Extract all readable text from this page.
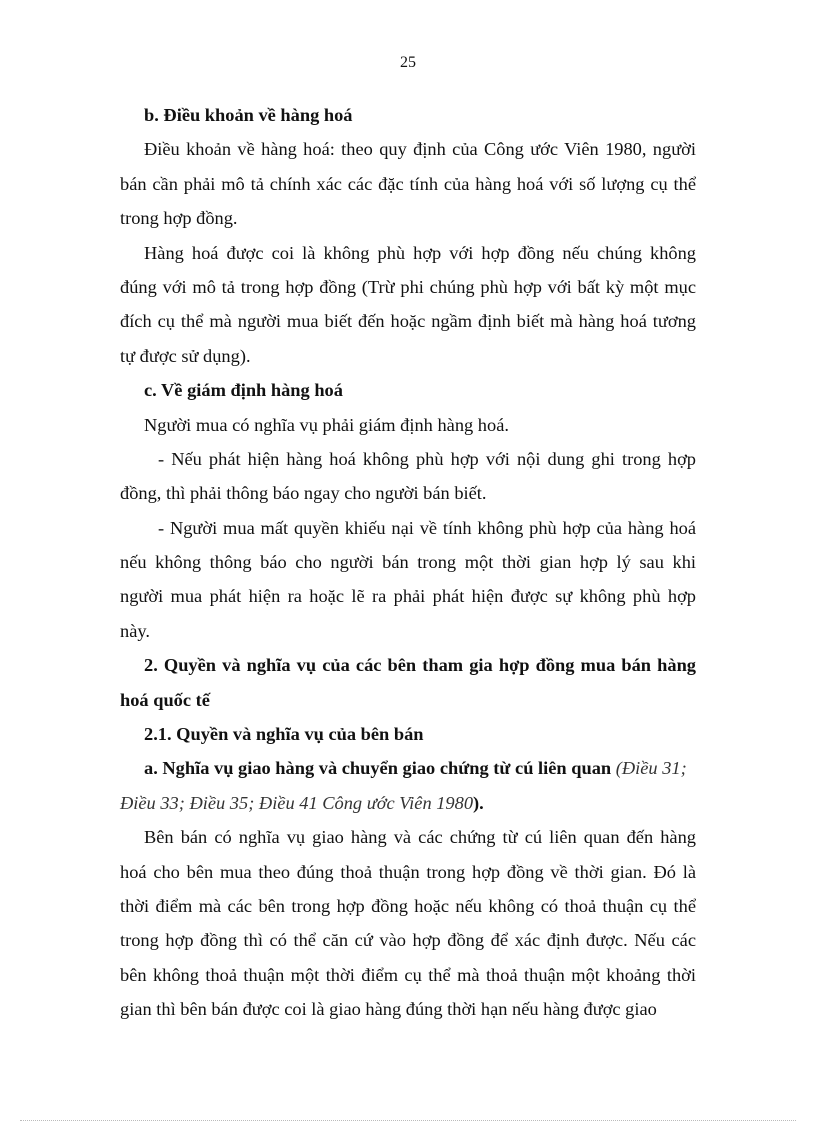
25
b. Điều khoản về hàng hoá
Điều khoản về hàng hoá: theo quy định của Công ước Viên 1980, người
bán cần phải mô tả chính xác các đặc tính của hàng hoá với số lượng cụ thể
trong hợp đồng.
Hàng hoá được coi là không phù hợp với hợp đồng nếu chúng không
đúng với mô tả trong hợp đồng (Trừ phi chúng phù hợp với bất kỳ một mục
đích cụ thể mà người mua biết đến hoặc ngầm định biết mà hàng hoá tương
tự được sử dụng).
c. Về giám định hàng hoá
Người mua có nghĩa vụ phải giám định hàng hoá.
- Nếu phát hiện hàng hoá không phù hợp với nội dung ghi trong hợp
đồng, thì phải thông báo ngay cho người bán biết.
- Người mua mất quyền khiếu nại về tính không phù hợp của hàng hoá
nếu không thông báo cho người bán trong một thời gian hợp lý sau khi
người mua phát hiện ra hoặc lẽ ra phải phát hiện được sự không phù hợp
này.
2. Quyền và nghĩa vụ của các bên tham gia hợp đồng mua bán hàng
hoá quốc tế
2.1. Quyền và nghĩa vụ của bên bán
a. Nghĩa vụ giao hàng và chuyển giao chứng từ cú liên quan (Điều 31;
Điều 33; Điều 35; Điều 41 Công ước Viên 1980).
Bên bán có nghĩa vụ giao hàng và các chứng từ cú liên quan đến hàng
hoá cho bên mua theo đúng thoả thuận trong hợp đồng về thời gian. Đó là
thời điểm mà các bên trong hợp đồng hoặc nếu không có thoả thuận cụ thể
trong hợp đồng thì có thể căn cứ vào hợp đồng để xác định được. Nếu các
bên không thoả thuận một thời điểm cụ thể mà thoả thuận một khoảng thời
gian thì bên bán được coi là giao hàng đúng thời hạn nếu hàng được giao
